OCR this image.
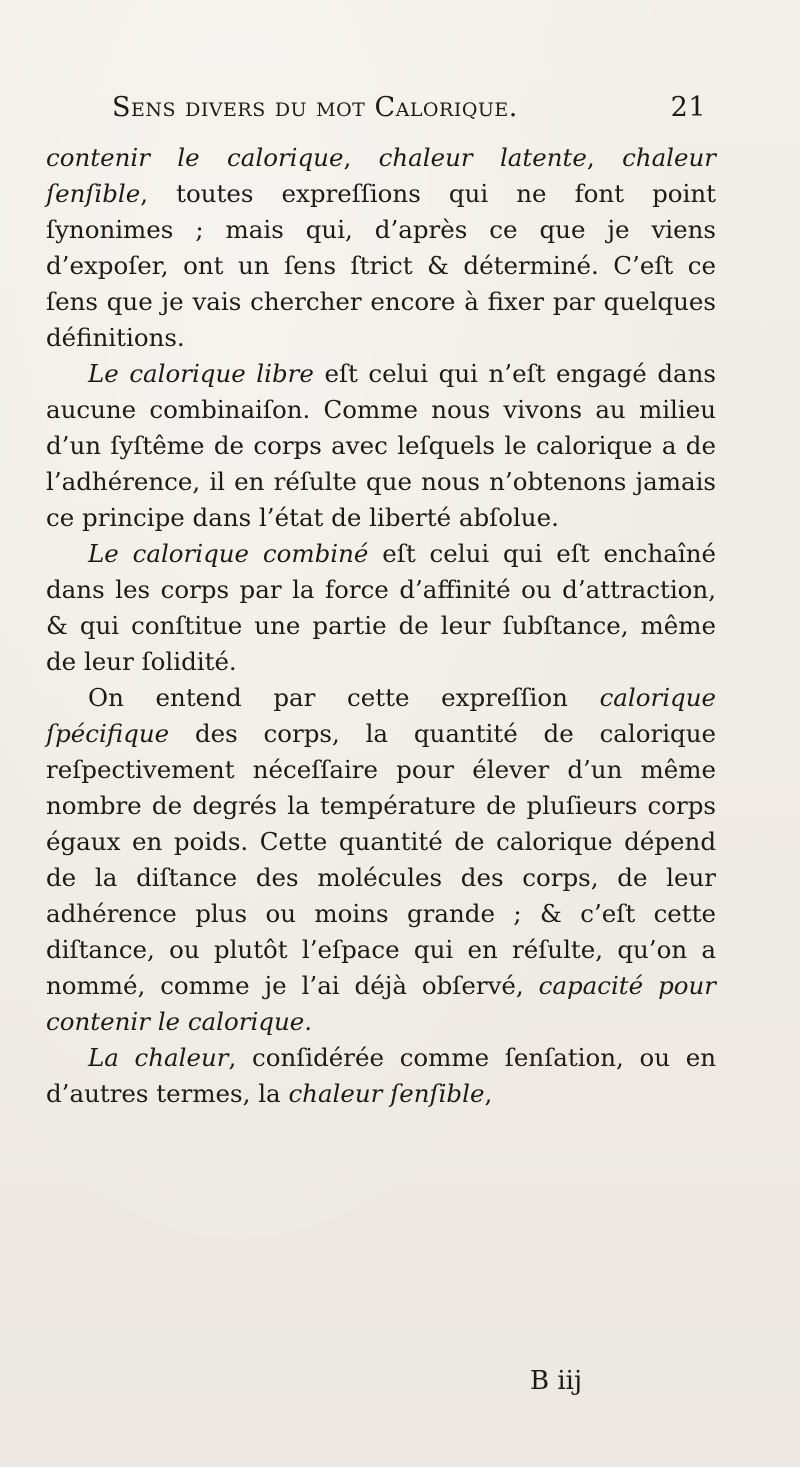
Sens divers du mot Calorique.	21

contenir le calorique, chaleur latente, chaleur ſenſible, toutes expreſſions qui ne font point ſynonimes ; mais qui, d’après ce que je viens d’expoſer, ont un ſens ſtrict & déterminé. C’eſt ce ſens que je vais chercher encore à fixer par quelques définitions.

Le calorique libre eſt celui qui n’eſt engagé dans aucune combinaiſon. Comme nous vivons au milieu d’un ſyſtême de corps avec leſquels le calorique a de l’adhérence, il en réſulte que nous n’obtenons jamais ce principe dans l’état de liberté abſolue.

Le calorique combiné eſt celui qui eſt enchaîné dans les corps par la force d’affinité ou d’attraction, & qui conſtitue une partie de leur ſubſtance, même de leur ſolidité.

On entend par cette expreſſion calorique ſpécifique des corps, la quantité de calorique reſpectivement néceſſaire pour élever d’un même nombre de degrés la température de pluſieurs corps égaux en poids. Cette quantité de calorique dépend de la diſtance des molécules des corps, de leur adhérence plus ou moins grande ; & c’eſt cette diſtance, ou plutôt l’eſpace qui en réſulte, qu’on a nommé, comme je l’ai déjà obſervé, capacité pour contenir le calorique.

La chaleur, conſidérée comme ſenſation, ou en d’autres termes, la chaleur ſenſible,

B iij
